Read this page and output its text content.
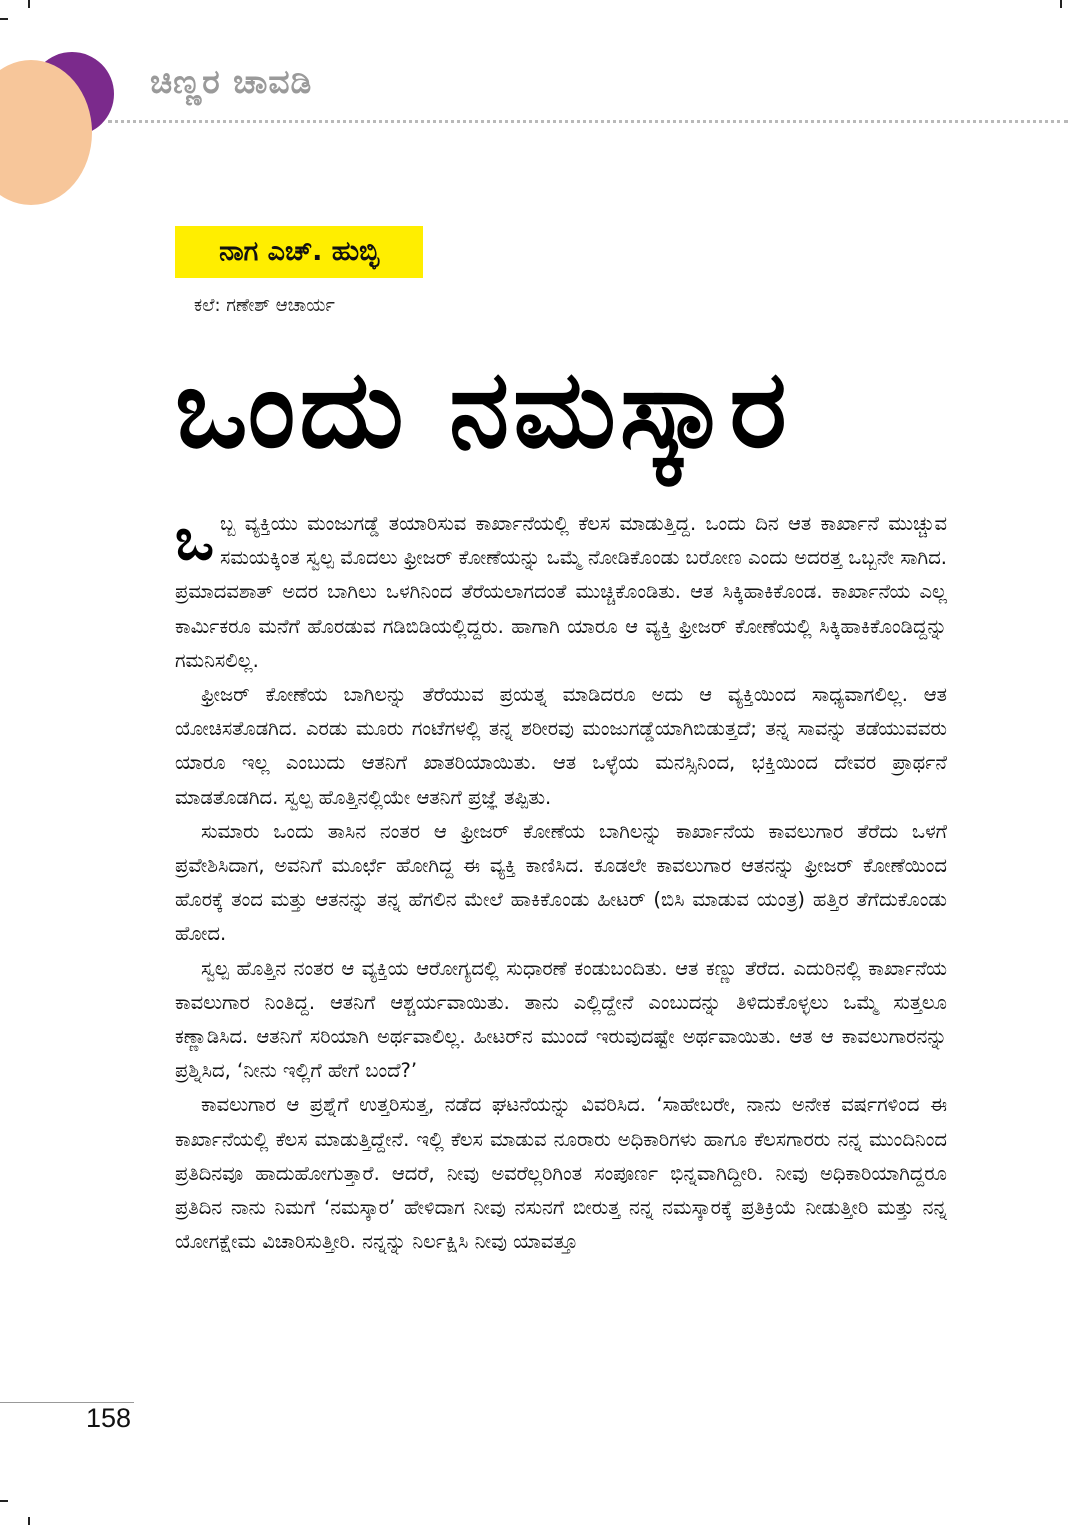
ಚಿಣ್ಣರ ಚಾವಡಿ
ನಾಗ ಎಚ್‌. ಹುಬ್ಳಿ
ಕಲೆ: ಗಣೇಶ್ ಆಚಾರ್ಯ
ಒಂದು ನಮಸ್ಕಾರ

ಒಬ್ಬ ವ್ಯಕ್ತಿಯು ಮಂಜುಗಡ್ಡೆ ತಯಾರಿಸುವ ಕಾರ್ಖಾನೆಯಲ್ಲಿ ಕೆಲಸ ಮಾಡುತ್ತಿದ್ದ. ಒಂದು ದಿನ ಆತ ಕಾರ್ಖಾನೆ ಮುಚ್ಚುವ ಸಮಯಕ್ಕಿಂತ ಸ್ವಲ್ಪ ಮೊದಲು ಫ್ರೀಜರ್ ಕೋಣೆಯನ್ನು ಒಮ್ಮೆ ನೋಡಿಕೊಂಡು ಬರೋಣ ಎಂದು ಅದರತ್ತ ಒಬ್ಬನೇ ಸಾಗಿದ. ಪ್ರಮಾದವಶಾತ್ ಅದರ ಬಾಗಿಲು ಒಳಗಿನಿಂದ ತೆರೆಯಲಾಗದಂತೆ ಮುಚ್ಚಿಕೊಂಡಿತು. ಆತ ಸಿಕ್ಕಿಹಾಕಿಕೊಂಡ. ಕಾರ್ಖಾನೆಯ ಎಲ್ಲ ಕಾರ್ಮಿಕರೂ ಮನೆಗೆ ಹೊರಡುವ ಗಡಿಬಿಡಿಯಲ್ಲಿದ್ದರು. ಹಾಗಾಗಿ ಯಾರೂ ಆ ವ್ಯಕ್ತಿ ಫ್ರೀಜರ್ ಕೋಣೆಯಲ್ಲಿ ಸಿಕ್ಕಿಹಾಕಿಕೊಂಡಿದ್ದನ್ನು ಗಮನಿಸಲಿಲ್ಲ.

ಫ್ರೀಜರ್ ಕೋಣೆಯ ಬಾಗಿಲನ್ನು ತೆರೆಯುವ ಪ್ರಯತ್ನ ಮಾಡಿದರೂ ಅದು ಆ ವ್ಯಕ್ತಿಯಿಂದ ಸಾಧ್ಯವಾಗಲಿಲ್ಲ. ಆತ ಯೋಚಿಸತೊಡಗಿದ. ಎರಡು ಮೂರು ಗಂಟೆಗಳಲ್ಲಿ ತನ್ನ ಶರೀರವು ಮಂಜುಗಡ್ಡೆಯಾಗಿಬಿಡುತ್ತದೆ; ತನ್ನ ಸಾವನ್ನು ತಡೆಯುವವರು ಯಾರೂ ಇಲ್ಲ ಎಂಬುದು ಆತನಿಗೆ ಖಾತರಿಯಾಯಿತು. ಆತ ಒಳ್ಳೆಯ ಮನಸ್ಸಿನಿಂದ, ಭಕ್ತಿಯಿಂದ ದೇವರ ಪ್ರಾರ್ಥನೆ ಮಾಡತೊಡಗಿದ. ಸ್ವಲ್ಪ ಹೊತ್ತಿನಲ್ಲಿಯೇ ಆತನಿಗೆ ಪ್ರಜ್ಞೆ ತಪ್ಪಿತು.

ಸುಮಾರು ಒಂದು ತಾಸಿನ ನಂತರ ಆ ಫ್ರೀಜರ್ ಕೋಣೆಯ ಬಾಗಿಲನ್ನು ಕಾರ್ಖಾನೆಯ ಕಾವಲುಗಾರ ತೆರೆದು ಒಳಗೆ ಪ್ರವೇಶಿಸಿದಾಗ, ಅವನಿಗೆ ಮೂರ್ಛೆ ಹೋಗಿದ್ದ ಈ ವ್ಯಕ್ತಿ ಕಾಣಿಸಿದ. ಕೂಡಲೇ ಕಾವಲುಗಾರ ಆತನನ್ನು ಫ್ರೀಜರ್ ಕೋಣೆಯಿಂದ ಹೊರಕ್ಕೆ ತಂದ ಮತ್ತು ಆತನನ್ನು ತನ್ನ ಹೆಗಲಿನ ಮೇಲೆ ಹಾಕಿಕೊಂಡು ಹೀಟರ್ (ಬಿಸಿ ಮಾಡುವ ಯಂತ್ರ) ಹತ್ತಿರ ತೆಗೆದುಕೊಂಡು ಹೋದ.

ಸ್ವಲ್ಪ ಹೊತ್ತಿನ ನಂತರ ಆ ವ್ಯಕ್ತಿಯ ಆರೋಗ್ಯದಲ್ಲಿ ಸುಧಾರಣೆ ಕಂಡುಬಂದಿತು. ಆತ ಕಣ್ಣು ತೆರೆದ. ಎದುರಿನಲ್ಲಿ ಕಾರ್ಖಾನೆಯ ಕಾವಲುಗಾರ ನಿಂತಿದ್ದ. ಆತನಿಗೆ ಆಶ್ಚರ್ಯವಾಯಿತು. ತಾನು ಎಲ್ಲಿದ್ದೇನೆ ಎಂಬುದನ್ನು ತಿಳಿದುಕೊಳ್ಳಲು ಒಮ್ಮೆ ಸುತ್ತಲೂ ಕಣ್ಣಾಡಿಸಿದ. ಆತನಿಗೆ ಸರಿಯಾಗಿ ಅರ್ಥವಾಲಿಲ್ಲ. ಹೀಟರ್‌ನ ಮುಂದೆ ಇರುವುದಷ್ಟೇ ಅರ್ಥವಾಯಿತು. ಆತ ಆ ಕಾವಲುಗಾರನನ್ನು ಪ್ರಶ್ನಿಸಿದ, ‘ನೀನು ಇಲ್ಲಿಗೆ ಹೇಗೆ ಬಂದೆ?’

ಕಾವಲುಗಾರ ಆ ಪ್ರಶ್ನೆಗೆ ಉತ್ತರಿಸುತ್ತ, ನಡೆದ ಘಟನೆಯನ್ನು ವಿವರಿಸಿದ. ‘ಸಾಹೇಬರೇ, ನಾನು ಅನೇಕ ವರ್ಷಗಳಿಂದ ಈ ಕಾರ್ಖಾನೆಯಲ್ಲಿ ಕೆಲಸ ಮಾಡುತ್ತಿದ್ದೇನೆ. ಇಲ್ಲಿ ಕೆಲಸ ಮಾಡುವ ನೂರಾರು ಅಧಿಕಾರಿಗಳು ಹಾಗೂ ಕೆಲಸಗಾರರು ನನ್ನ ಮುಂದಿನಿಂದ ಪ್ರತಿದಿನವೂ ಹಾದುಹೋಗುತ್ತಾರೆ. ಆದರೆ, ನೀವು ಅವರೆಲ್ಲರಿಗಿಂತ ಸಂಪೂರ್ಣ ಭಿನ್ನವಾಗಿದ್ದೀರಿ. ನೀವು ಅಧಿಕಾರಿಯಾಗಿದ್ದರೂ ಪ್ರತಿದಿನ ನಾನು ನಿಮಗೆ ‘ನಮಸ್ಕಾರ’ ಹೇಳಿದಾಗ ನೀವು ನಸುನಗೆ ಬೀರುತ್ತ ನನ್ನ ನಮಸ್ಕಾರಕ್ಕೆ ಪ್ರತಿಕ್ರಿಯೆ ನೀಡುತ್ತೀರಿ ಮತ್ತು ನನ್ನ ಯೋಗಕ್ಷೇಮ ವಿಚಾರಿಸುತ್ತೀರಿ. ನನ್ನನ್ನು ನಿರ್ಲಕ್ಷಿಸಿ ನೀವು ಯಾವತ್ತೂ

158
